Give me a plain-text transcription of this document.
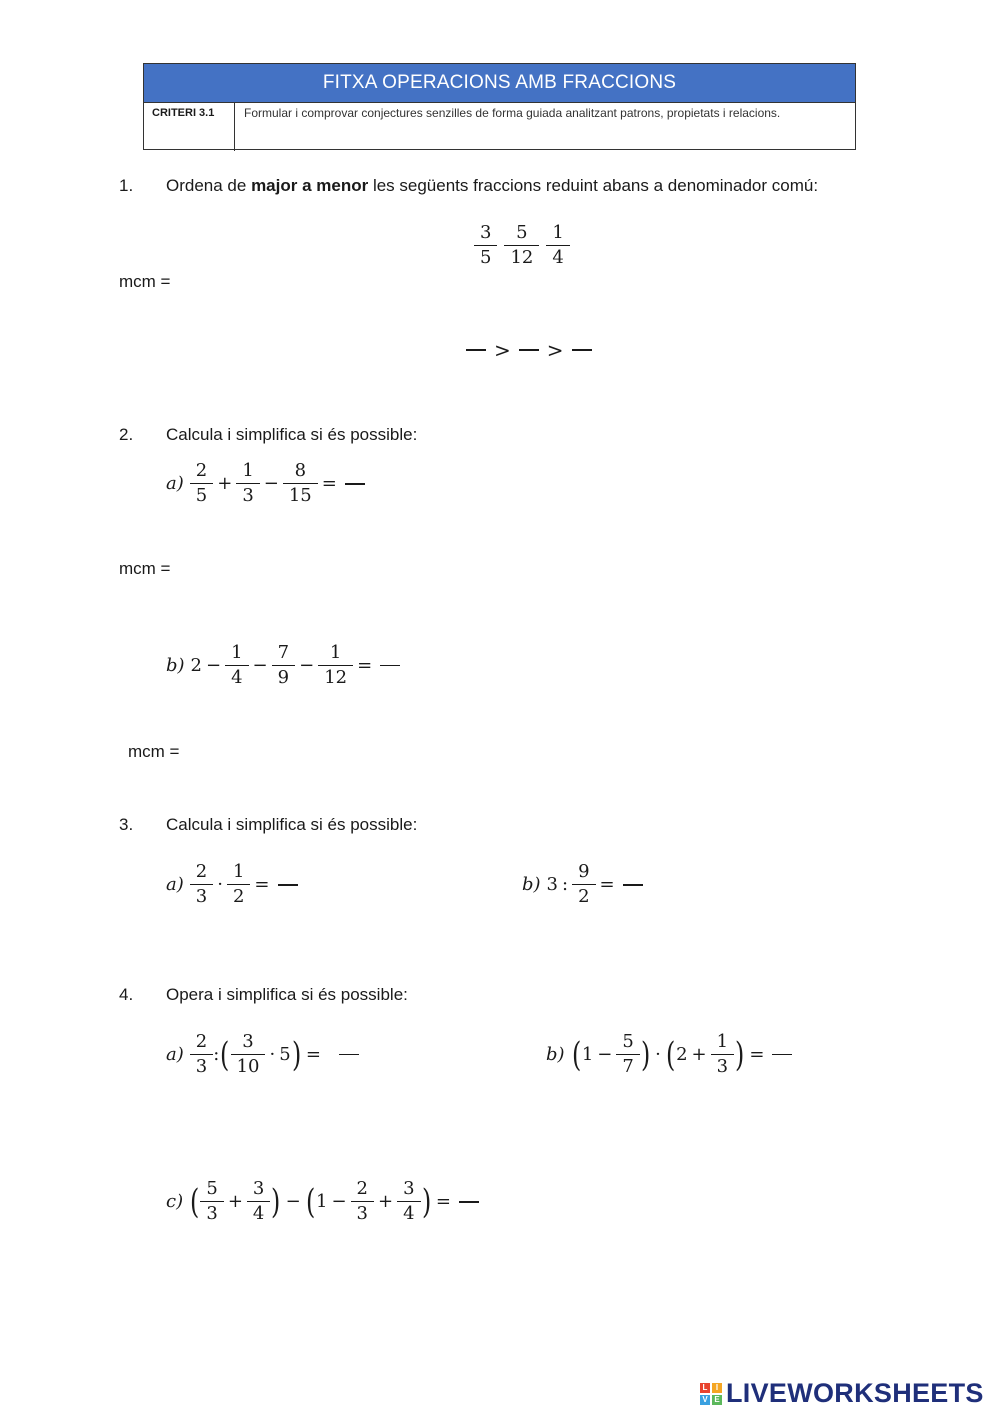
FITXA OPERACIONS AMB FRACCIONS
CRITERI 3.1	Formular i comprovar conjectures senzilles de forma guiada analitzant patrons, propietats i relacions.
1. Ordena de major a menor les següents fraccions reduint abans a denominador comú:
$\frac{3}{5} \frac{5}{12} \frac{1}{4}$
mcm =
> >
2. Calcula i simplifica si és possible:
$a) \frac{2}{5} + \frac{1}{3} - \frac{8}{15}$ =
mcm =
b) $2 - \frac{1}{4} - \frac{7}{9} - \frac{1}{12}$ =
mcm =
3. Calcula i simplifica si és possible:
$a) \frac{2}{3} \cdot \frac{1}{2}$ =	b) 3 : $\frac{9}{2}$ =
4. Opera i simplifica si és possible:
$a) \frac{2}{3}$ : ( $\frac{3}{10} \cdot 5$ ) =	b) ( $1 - \frac{5}{7}$ ) · ( $2 + \frac{1}{3}$ ) =
c) ( $\frac{5}{3} + \frac{3}{4}$ ) − ( $1 - \frac{2}{3} + \frac{3}{4}$ ) =
L	I
V E LIVEWORKSHEETS
